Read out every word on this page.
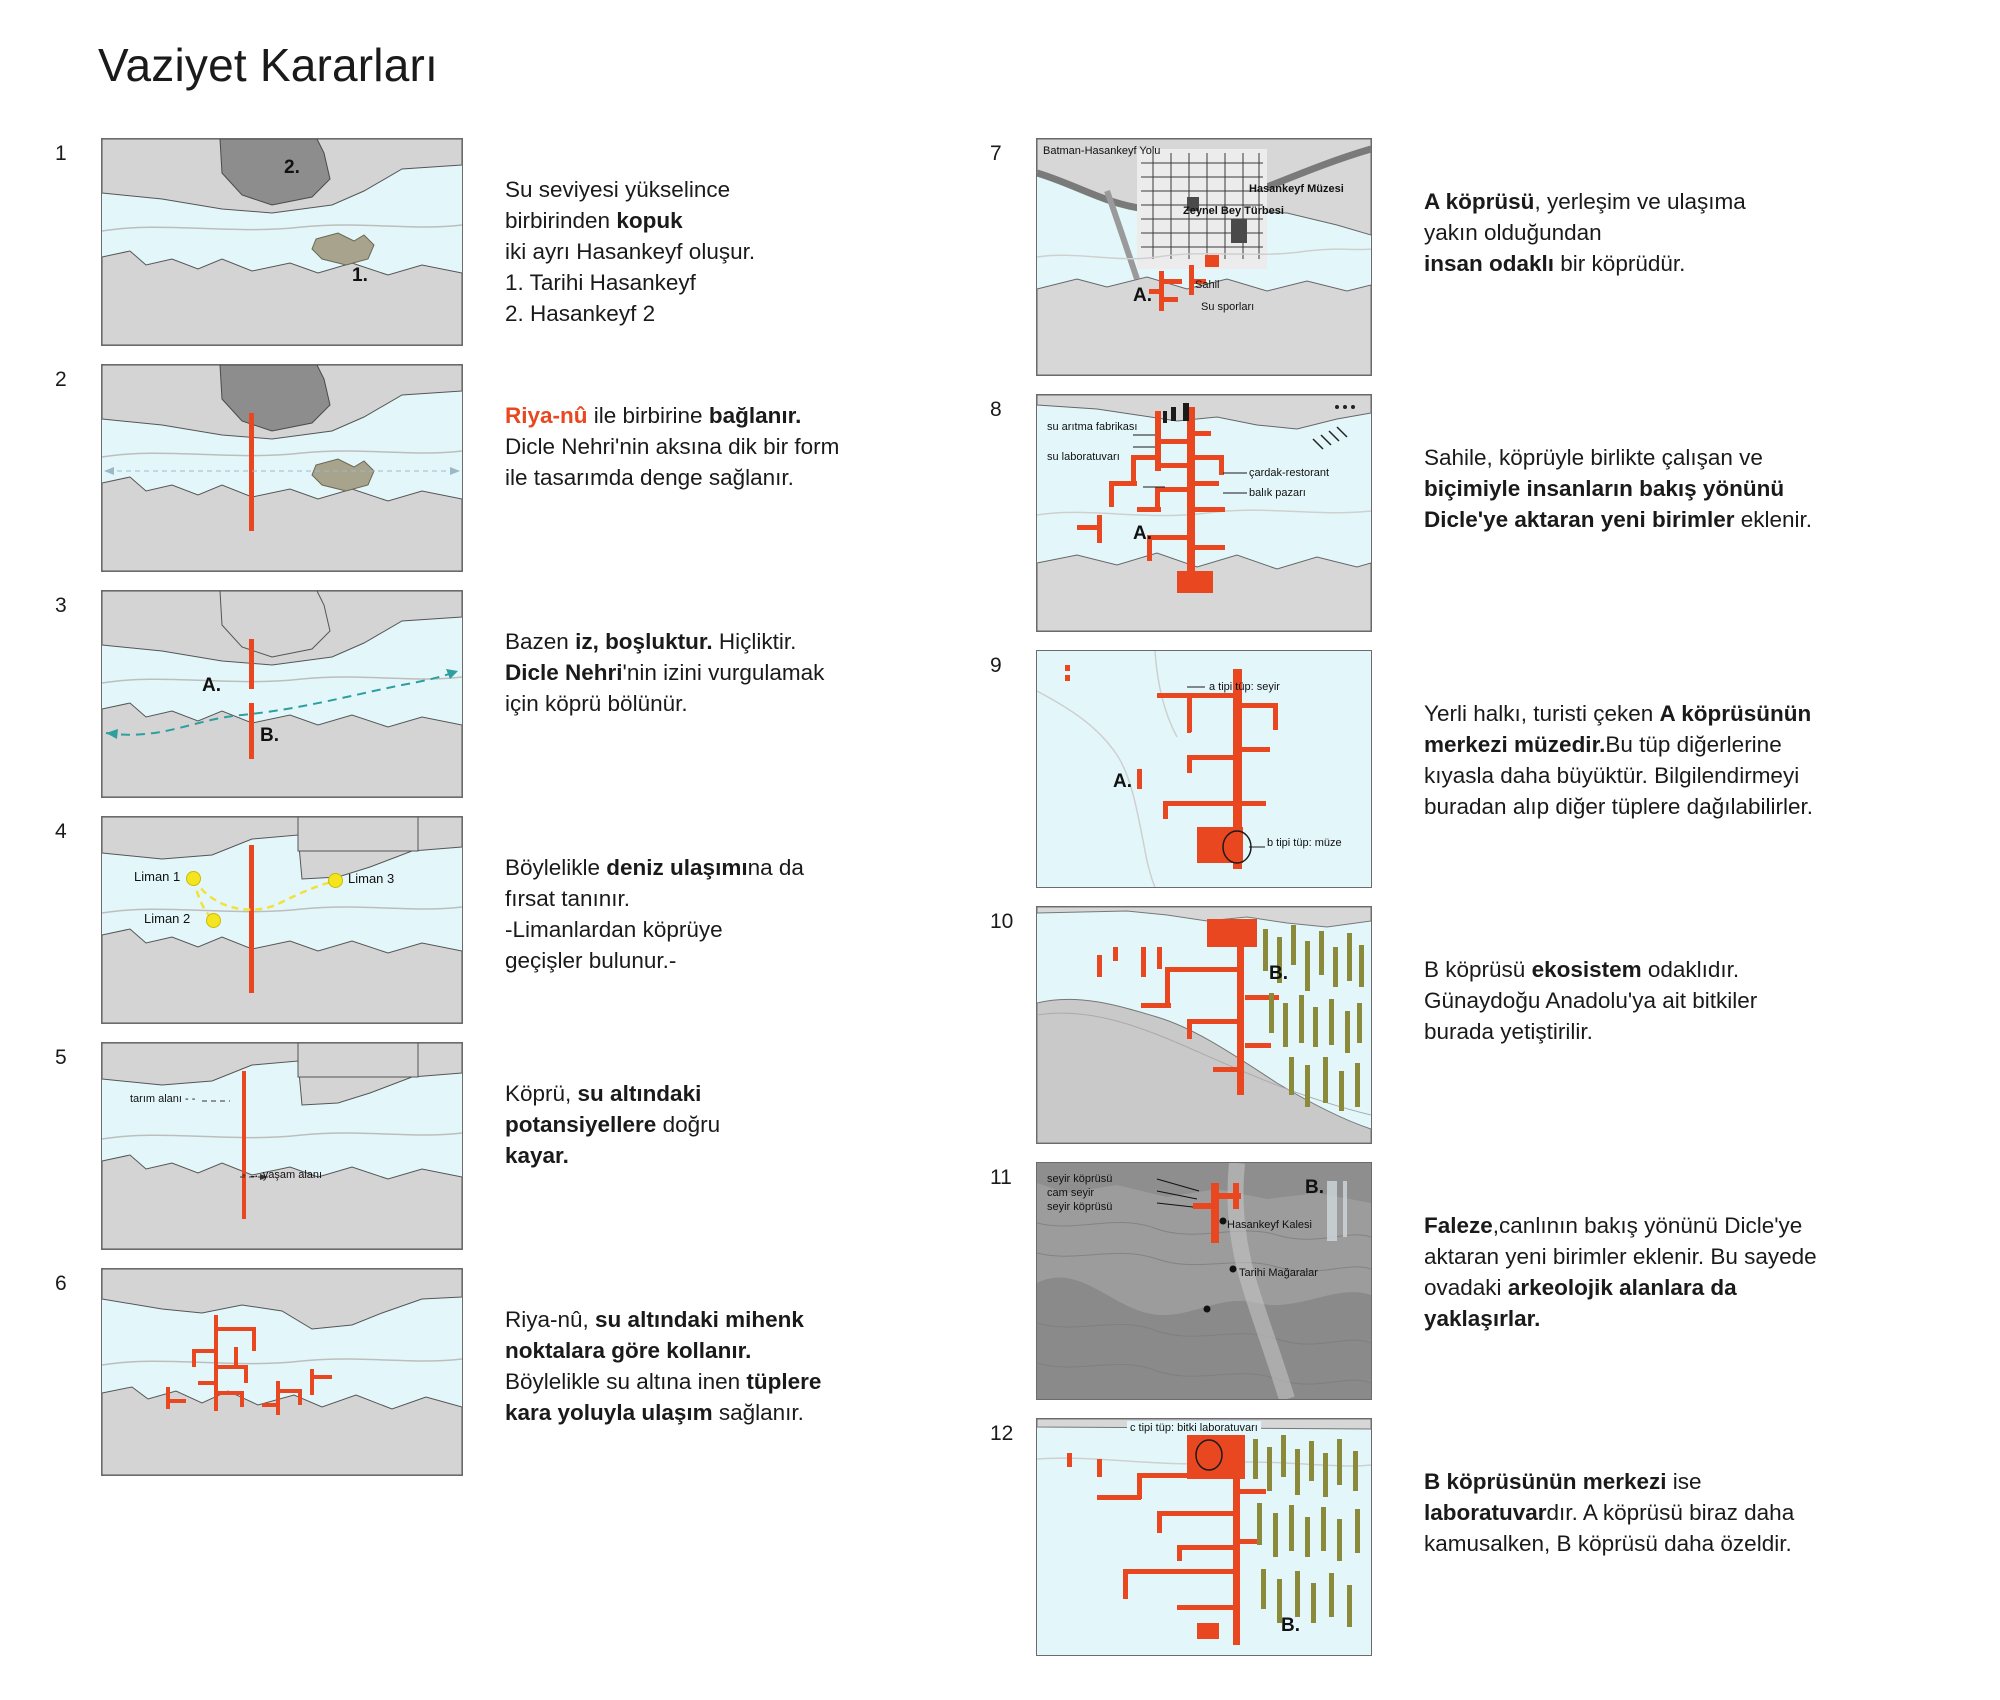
Vaziyet Kararları
1
2.
1.
Su seviyesi yükselince
birbirinden kopuk
iki ayrı Hasankeyf oluşur.
1. Tarihi Hasankeyf
2. Hasankeyf 2
2
Riya-nû ile birbirine bağlanır.
Dicle Nehri'nin aksına dik bir form
ile tasarımda denge sağlanır.
3
A.
B.
Bazen iz, boşluktur. Hiçliktir.
Dicle Nehri'nin izini vurgulamak
için köprü bölünür.
4
Liman 1	Liman 3
Liman 2
Böylelikle deniz ulaşımına da
fırsat tanınır.
-Limanlardan köprüye
geçişler bulunur.-
5
tarım alanı - -
- → yaşam alanı
Köprü, su altındaki
potansiyellere doğru
kayar.
6
Riya-nû, su altındaki mihenk
noktalara göre kollanır.
Böylelikle su altına inen tüplere
kara yoluyla ulaşım sağlanır.
7	Batman-Hasankeyf Yolu
Hasankeyf Müzesi
Zeynel Bey Türbesi
Sahil
Su sporları
A.
A köprüsü, yerleşim ve ulaşıma
yakın olduğundan
insan odaklı bir köprüdür.
8
su arıtma fabrikası
su laboratuvarı
çardak-restorant
balık pazarı
A.
Sahile, köprüyle birlikte çalışan ve
biçimiyle insanların bakış yönünü
Dicle'ye aktaran yeni birimler eklenir.
9
a tipi tüp: seyir
b tipi tüp: müze
A.
Yerli halkı, turisti çeken A köprüsünün
merkezi müzedir.Bu tüp diğerlerine
kıyasla daha büyüktür. Bilgilendirmeyi
buradan alıp diğer tüplere dağılabilirler.
10
B.	B köprüsü ekosistem odaklıdır.
Günaydoğu Anadolu'ya ait bitkiler
burada yetiştirilir.
11	seyir köprüsü
cam seyir
seyir köprüsü
Hasankeyf Kalesi
Tarihi Mağaralar
B.
Faleze,canlının bakış yönünü Dicle'ye
aktaran yeni birimler eklenir. Bu sayede
ovadaki arkeolojik alanlara da
yaklaşırlar.
12	c tipi tüp: bitki laboratuvarı
B.
B köprüsünün merkezi ise
laboratuvardır. A köprüsü biraz daha
kamusalken, B köprüsü daha özeldir.
